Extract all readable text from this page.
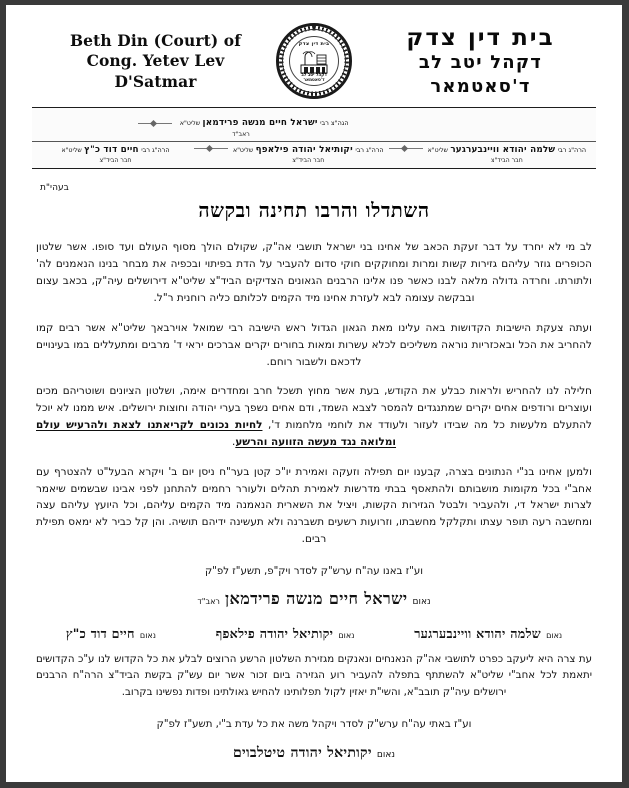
Beth Din (Court) of
Cong. Yetev Lev
D'Satmar
בית דין צדק
דקהל יטב לב ד'סאטמאר
בית דין צדק
דקהל יטב לב
ד'סאטמאר
הגה"צ רבי ישראל חיים מנשה פרידמאן שליט"א
ראב"ד
הרה"ג רבי שלמה יהודא וויינבערגער שליט"א
חבר הביד"צ
הרה"ג רבי יקותיאל יהודה פילאפף שליט"א
חבר הביד"צ
הרה"ג רבי חיים דוד כ"ץ שליט"א
חבר הביד"צ
בעהי"ת
השתדלו והרבו תחינה ובקשה

לב מי לא יחרד על דבר זעקת הכאב של אחינו בני ישראל תושבי אה"ק, שקולם הולך מסוף העולם ועד סופו. אשר שלטון הכופרים גוזר עליהם גזירות קשות ומרות ומחוקקים חוקי סדום להעביר על הדת בפיתוי ובכפיה את מבחר בנינו הנאמנים לה' ולתורתו. וחרדה גדולה מלאה לבנו כאשר פנו אלינו הרבנים הגאונים הצדיקים הביד"צ שליט"א דירושלים עיה"ק, בכאב עצום ובבקשה עצומה לבא לעזרת אחינו מיד הקמים לכלותם כליה רוחנית ר"ל.

ועתה צעקת הישיבות הקדושות באה עלינו מאת הגאון הגדול ראש הישיבה רבי שמואל אוירבאך שליט"א אשר רבים קמו להחריב את הכל ובאכזריות נוראה משליכים לכלא עשרות ומאות בחורים יקרים אברכים יראי ד' מרבים ומתעללים במו בעינויים לדכאם ולשבור רוחם.

חלילה לנו להחריש ולראות כבלע את הקודש, בעת אשר מחוץ תשכל חרב ומחדרים אימה, ושלטון הציונים ושוטריהם מכים ועוצרים ורודפים אחים יקרים שמתנגדים להמסר לצבא השמד, ודם אחים נשפך בערי יהודה וחוצות ירושלים. איש ממנו לא יוכל להתעלם מלעשות כל מה שבידו לעזור ולעודד את לוחמי מלחמות ד', לחיות נכונים לקריאתנו לצאת ולהרעיש עולם ומלואה נגד מעשה הזוועה והרשע.

ולמען אחינו בנ"י הנתונים בצרה, קבענו יום תפילה וזעקה ואמירת יו"כ קטן בער"ח ניסן יום ב' ויקרא הבעל"ט להצטרף עם אחב"י בכל מקומות מושבותם ולהתאסף בבתי מדרשות לאמירת תהלים ולעורר רחמים להתחנן לפני אבינו שבשמים שיאמר לצרות ישראל די, ולהעביר ולבטל הגזירות הקשות, ויציל את השארית הנאמנה מיד הקמים עליהם, וכל היועץ עליהם עצה ומחשבה רעה תופר עצתו ותקלקל מחשבתו, וזרועות רשעים תשברנה ולא תעשינה ידיהם תושיה. והן קל כביר לא ימאס תפילת רבים.

וע"ז באנו עה"ח ערש"ק לסדר ויק"פ, תשע"ז לפ"ק
נאום ישראל חיים מנשה פרידמאן ראב"ד
נאום שלמה יהודא וויינבערגער
נאום יקותיאל יהודה פילאפף
נאום חיים דוד כ"ץ

עת צרה היא ליעקב כפרט לתושבי אה"ק הנאנחים ונאנקים מגזירת השלטון הרשע הרוצים לבלע את כל הקדוש לנו ע"כ הקדושים יתאמת לכל אחב"י שליט"א להשתתף בתפלה להעביר רוע הגזירה ביום זכור אשר יום עש"ק בקשת הביד"צ הרה"ח הרבנים ירושלים עיה"ק תובב"א, והשי"ת יאזין לקול תפלותינו להחיש גאולתינו ופדות נפשינו בקרוב.

וע"ז באתי עה"ח ערש"ק לסדר ויקהל משה את כל עדת ב"י, תשע"ז לפ"ק
נאום יקותיאל יהודה טיטלבוים
